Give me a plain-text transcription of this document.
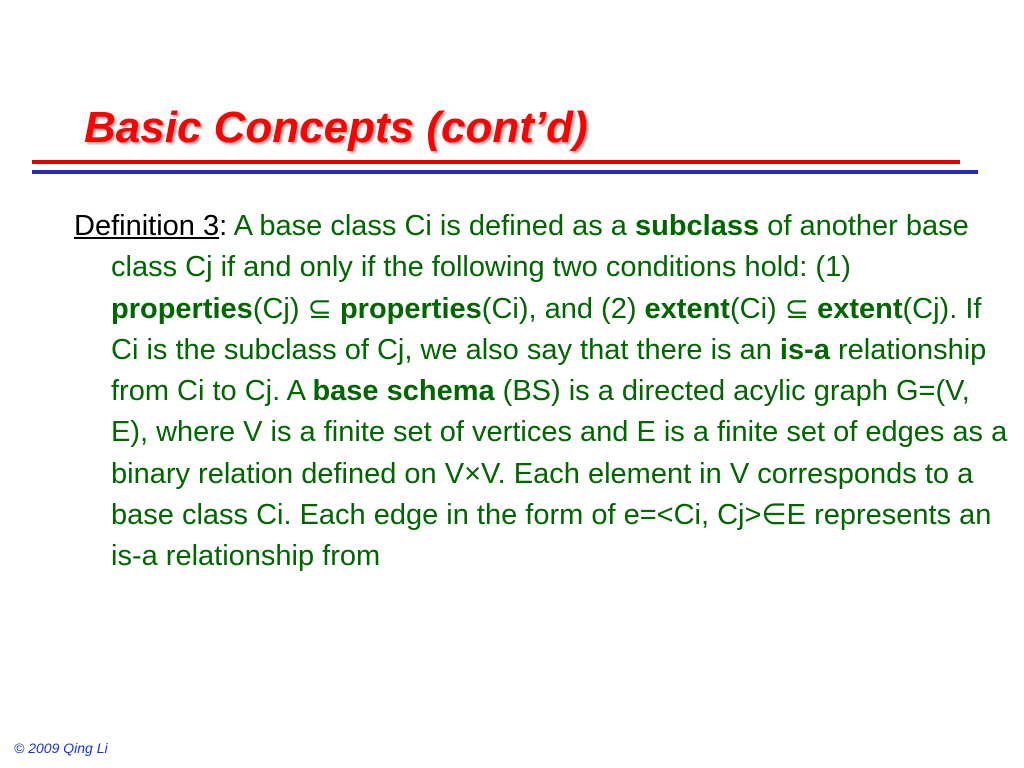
Basic Concepts (cont’d)

Definition 3: A base class Ci is defined as a subclass of another base class Cj if and only if the following two conditions hold: (1) properties(Cj) ⊆ properties(Ci), and (2) extent(Ci) ⊆ extent(Cj). If Ci is the subclass of Cj, we also say that there is an is-a relationship from Ci to Cj. A base schema (BS) is a directed acylic graph G=(V, E), where V is a finite set of vertices and E is a finite set of edges as a binary relation defined on V×V. Each element in V corresponds to a base class Ci. Each edge in the form of e=<Ci, Cj>∈E represents an is-a relationship from

© 2009 Qing Li
